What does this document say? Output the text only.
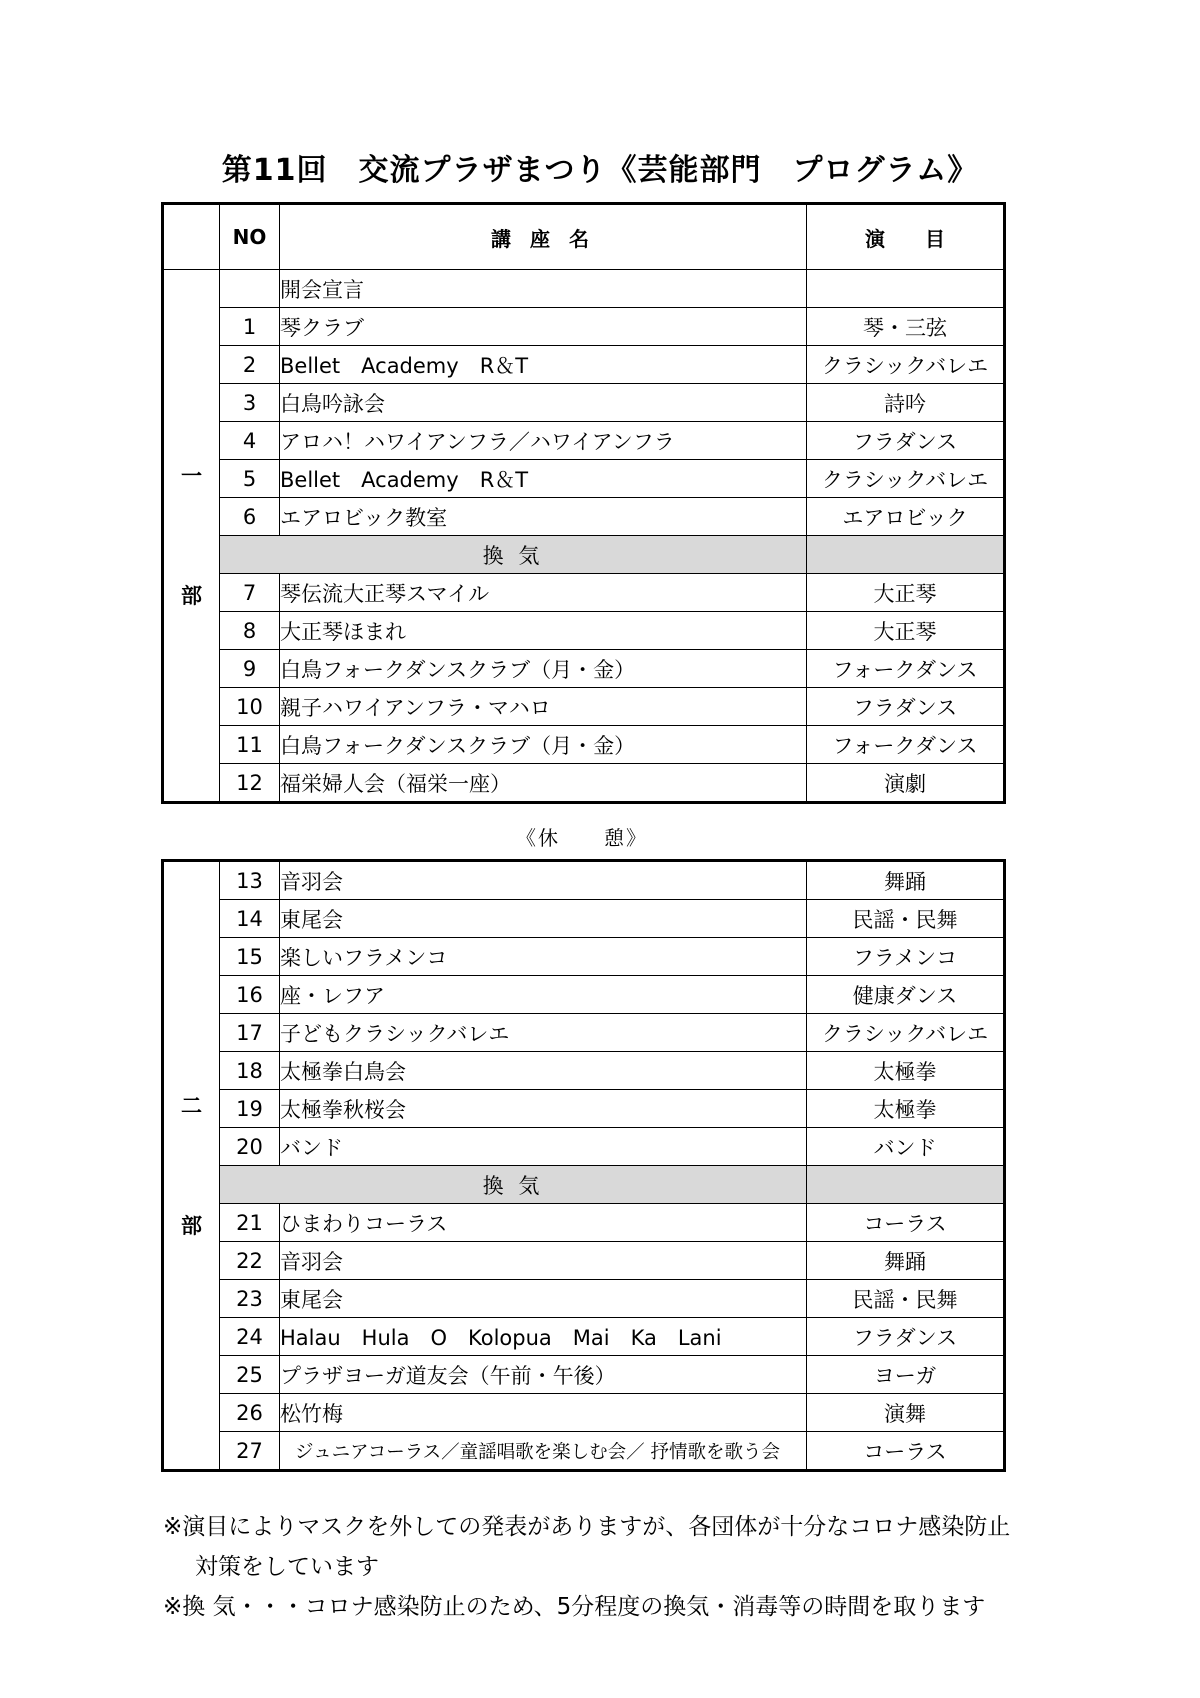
第11回　交流プラザまつり《芸能部門　プログラム》
	NO	講 座 名	演　　目

一
部		開会宣言	
	1	琴クラブ	琴・三弦
	2	Bellet　Academy　R＆T	クラシックバレエ
	3	白鳥吟詠会	詩吟
	4	アロハ！ハワイアンフラ／ハワイアンフラ	フラダンス
	5	Bellet　Academy　R＆T	クラシックバレエ
	6	エアロビック教室	エアロビック
	換 気		
	7	琴伝流大正琴スマイル	大正琴
	8	大正琴ほまれ	大正琴
	9	白鳥フォークダンスクラブ（月・金）	フォークダンス
	10	親子ハワイアンフラ・マハロ	フラダンス
	11	白鳥フォークダンスクラブ（月・金）	フォークダンス
	12	福栄婦人会（福栄一座）	演劇
《休　　憩》
二
部	13	音羽会	舞踊
	14	東尾会	民謡・民舞
	15	楽しいフラメンコ	フラメンコ
	16	座・レフア	健康ダンス
	17	子どもクラシックバレエ	クラシックバレエ
	18	太極拳白鳥会	太極拳
	19	太極拳秋桜会	太極拳
	20	バンド	バンド
	換 気		
	21	ひまわりコーラス	コーラス
	22	音羽会	舞踊
	23	東尾会	民謡・民舞
	24	Halau　Hula　O　Kolopua　Mai　Ka　Lani	フラダンス
	25	プラザヨーガ道友会（午前・午後）	ヨーガ
	26	松竹梅	演舞
	27	ジュニアコーラス／童謡唱歌を楽しむ会／ 抒情歌を歌う会	コーラス
※演目によりマスクを外しての発表がありますが、各団体が十分なコロナ感染防止
対策をしています
※換 気・・・コロナ感染防止のため、5分程度の換気・消毒等の時間を取ります
